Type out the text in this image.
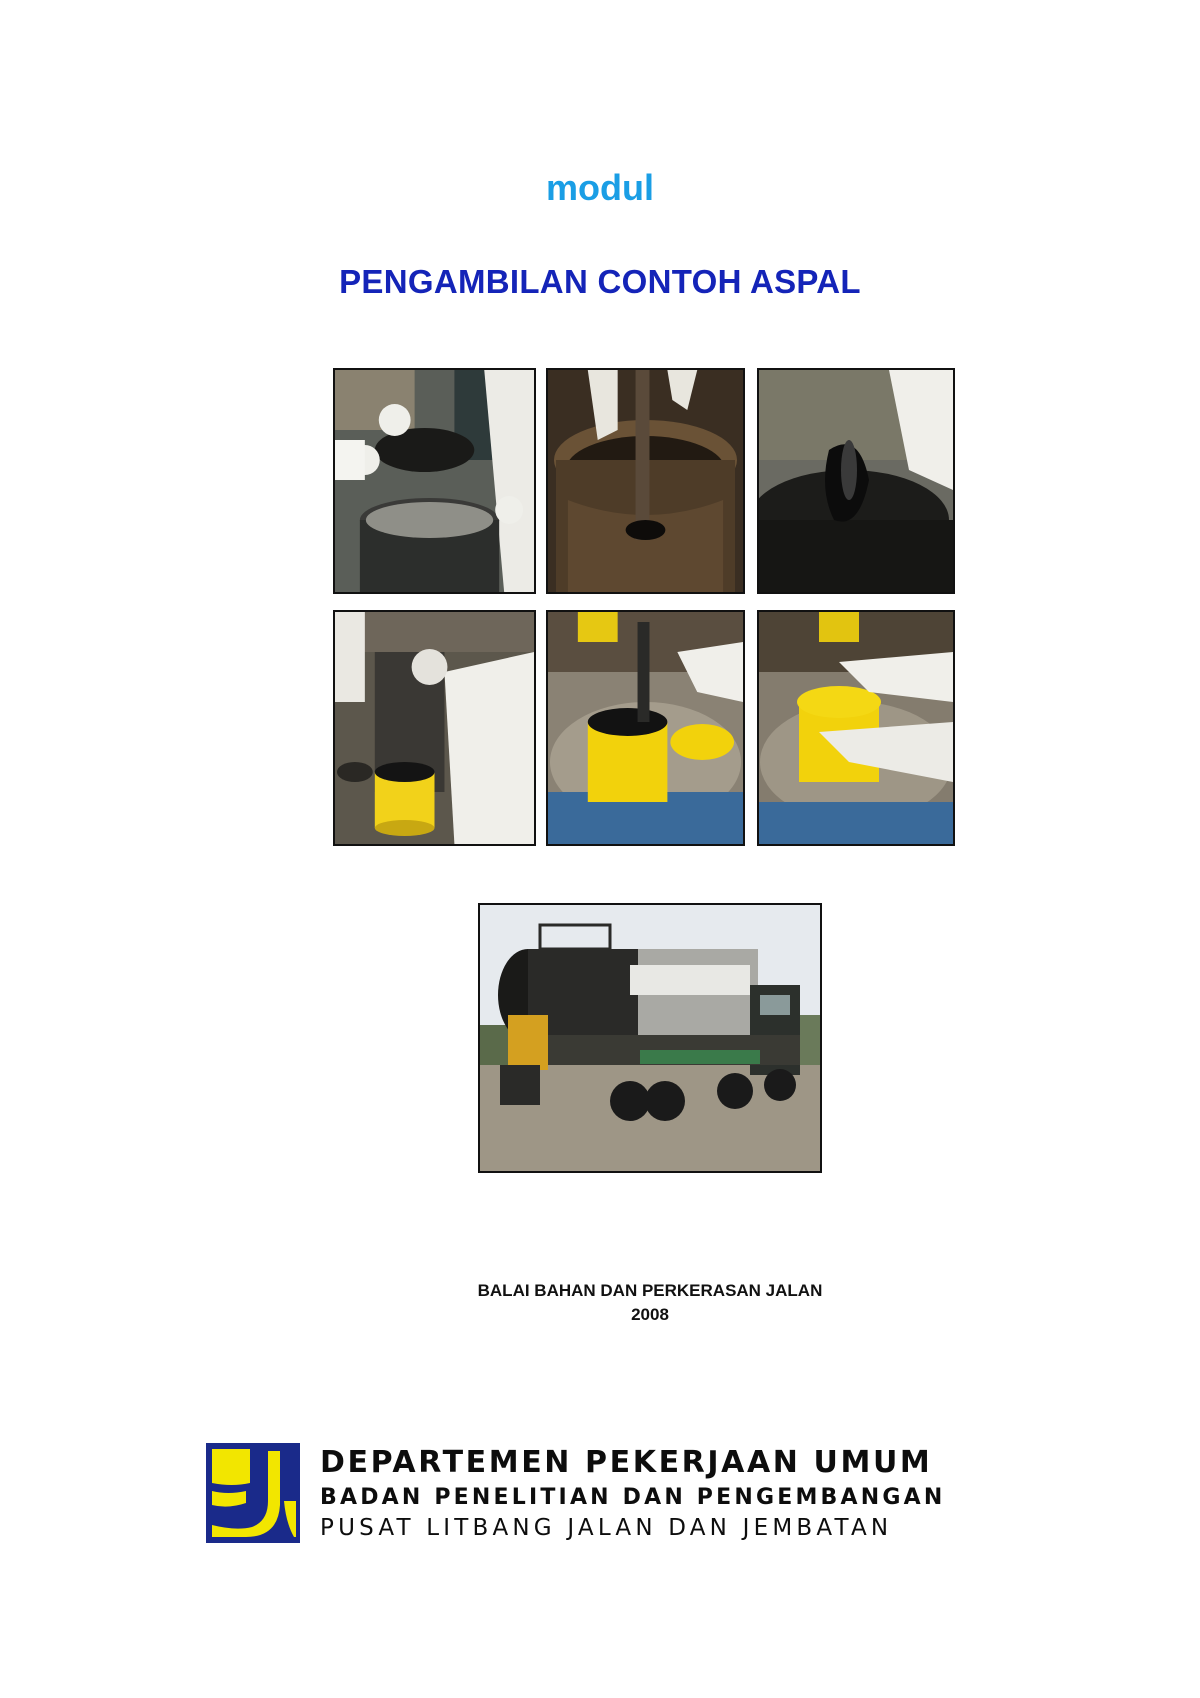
modul
PENGAMBILAN CONTOH ASPAL
BALAI BAHAN DAN PERKERASAN JALAN
2008
DEPARTEMEN PEKERJAAN UMUM
BADAN PENELITIAN DAN PENGEMBANGAN
PUSAT LITBANG JALAN DAN JEMBATAN
